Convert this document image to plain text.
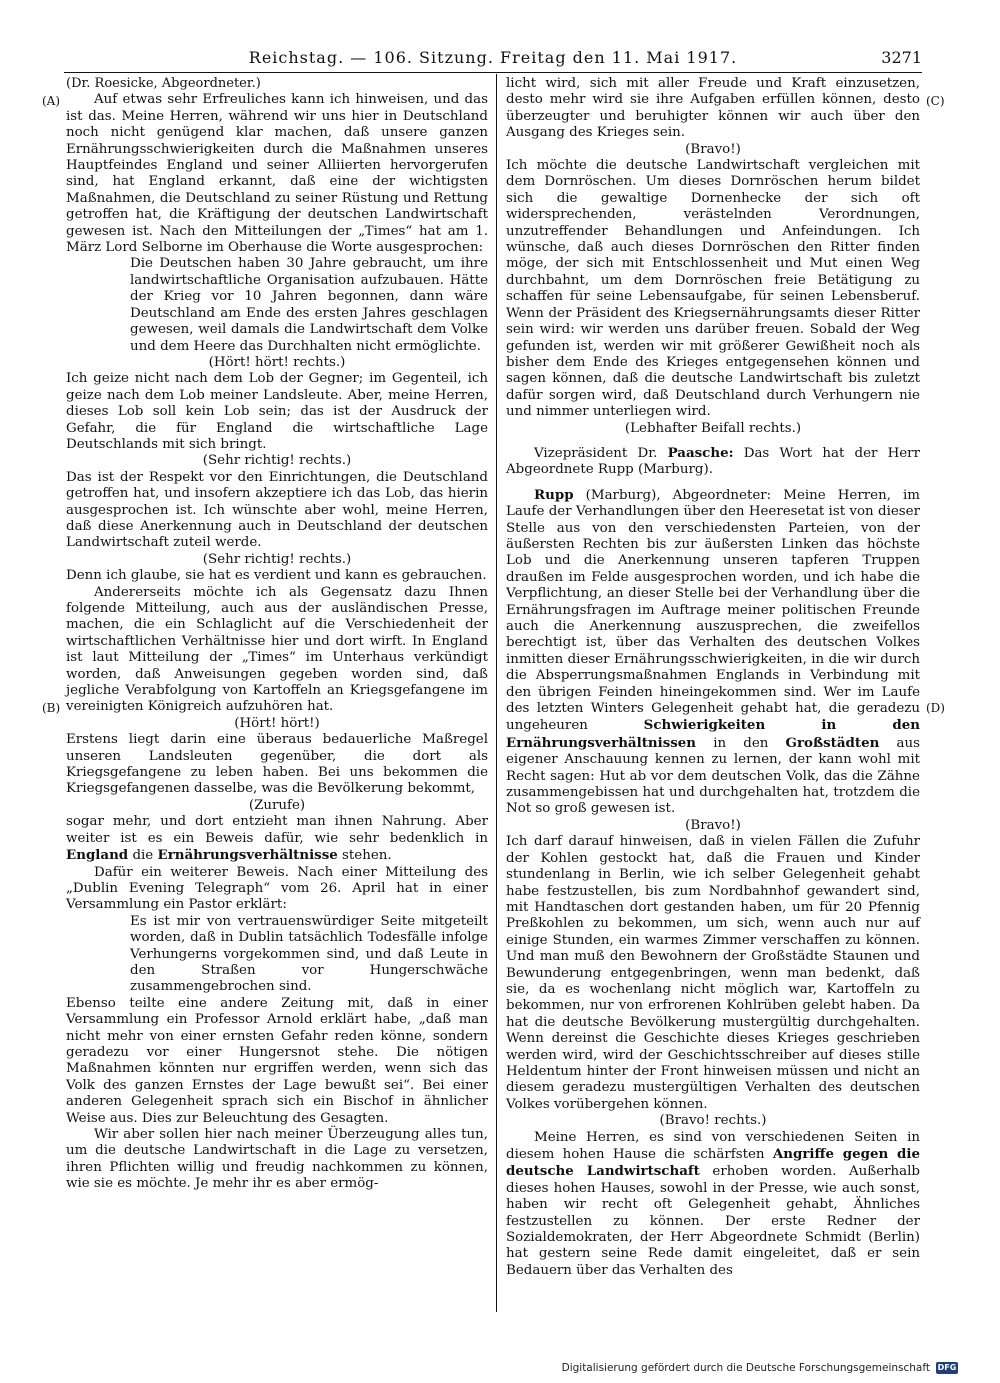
Reichstag. — 106. Sitzung. Freitag den 11. Mai 1917.	3271
(A)
(B)
(C)
(D)

(Dr. Roesicke, Abgeordneter.)

Auf etwas sehr Erfreuliches kann ich hinweisen, und das ist das. Meine Herren, während wir uns hier in Deutschland noch nicht genügend klar machen, daß unsere ganzen Ernährungsschwierigkeiten durch die Maßnahmen unseres Hauptfeindes England und seiner Alliierten hervorgerufen sind, hat England erkannt, daß eine der wichtigsten Maßnahmen, die Deutschland zu seiner Rüstung und Rettung getroffen hat, die Kräftigung der deutschen Landwirtschaft gewesen ist. Nach den Mitteilungen der „Times“ hat am 1. März Lord Selborne im Oberhause die Worte ausgesprochen:

Die Deutschen haben 30 Jahre gebraucht, um ihre landwirtschaftliche Organisation aufzubauen. Hätte der Krieg vor 10 Jahren begonnen, dann wäre Deutschland am Ende des ersten Jahres geschlagen gewesen, weil damals die Landwirtschaft dem Volke und dem Heere das Durchhalten nicht ermöglichte.

(Hört! hört! rechts.)

Ich geize nicht nach dem Lob der Gegner; im Gegenteil, ich geize nach dem Lob meiner Landsleute. Aber, meine Herren, dieses Lob soll kein Lob sein; das ist der Ausdruck der Gefahr, die für England die wirtschaftliche Lage Deutschlands mit sich bringt.

(Sehr richtig! rechts.)

Das ist der Respekt vor den Einrichtungen, die Deutschland getroffen hat, und insofern akzeptiere ich das Lob, das hierin ausgesprochen ist. Ich wünschte aber wohl, meine Herren, daß diese Anerkennung auch in Deutschland der deutschen Landwirtschaft zuteil werde.

(Sehr richtig! rechts.)

Denn ich glaube, sie hat es verdient und kann es gebrauchen.

Andererseits möchte ich als Gegensatz dazu Ihnen folgende Mitteilung, auch aus der ausländischen Presse, machen, die ein Schlaglicht auf die Verschiedenheit der wirtschaftlichen Verhältnisse hier und dort wirft. In England ist laut Mitteilung der „Times“ im Unterhaus verkündigt worden, daß Anweisungen gegeben worden sind, daß jegliche Verabfolgung von Kartoffeln an Kriegsgefangene im vereinigten Königreich aufzuhören hat.

(Hört! hört!)

Erstens liegt darin eine überaus bedauerliche Maßregel unseren Landsleuten gegenüber, die dort als Kriegsgefangene zu leben haben. Bei uns bekommen die Kriegsgefangenen dasselbe, was die Bevölkerung bekommt,

(Zurufe)

sogar mehr, und dort entzieht man ihnen Nahrung. Aber weiter ist es ein Beweis dafür, wie sehr bedenklich in England die Ernährungsverhältnisse stehen.

Dafür ein weiterer Beweis. Nach einer Mitteilung des „Dublin Evening Telegraph“ vom 26. April hat in einer Versammlung ein Pastor erklärt:

Es ist mir von vertrauenswürdiger Seite mitgeteilt worden, daß in Dublin tatsächlich Todesfälle infolge Verhungerns vorgekommen sind, und daß Leute in den Straßen vor Hungerschwäche zusammengebrochen sind.

Ebenso teilte eine andere Zeitung mit, daß in einer Versammlung ein Professor Arnold erklärt habe, „daß man nicht mehr von einer ernsten Gefahr reden könne, sondern geradezu vor einer Hungersnot stehe. Die nötigen Maßnahmen könnten nur ergriffen werden, wenn sich das Volk des ganzen Ernstes der Lage bewußt sei“. Bei einer anderen Gelegenheit sprach sich ein Bischof in ähnlicher Weise aus. Dies zur Beleuchtung des Gesagten.

Wir aber sollen hier nach meiner Überzeugung alles tun, um die deutsche Landwirtschaft in die Lage zu versetzen, ihren Pflichten willig und freudig nachkommen zu können, wie sie es möchte. Je mehr ihr es aber ermög-

licht wird, sich mit aller Freude und Kraft einzusetzen, desto mehr wird sie ihre Aufgaben erfüllen können, desto überzeugter und beruhigter können wir auch über den Ausgang des Krieges sein.

(Bravo!)

Ich möchte die deutsche Landwirtschaft vergleichen mit dem Dornröschen. Um dieses Dornröschen herum bildet sich die gewaltige Dornenhecke der sich oft widersprechenden, verästelnden Verordnungen, unzutreffender Behandlungen und Anfeindungen. Ich wünsche, daß auch dieses Dornröschen den Ritter finden möge, der sich mit Entschlossenheit und Mut einen Weg durchbahnt, um dem Dornröschen freie Betätigung zu schaffen für seine Lebensaufgabe, für seinen Lebensberuf. Wenn der Präsident des Kriegsernährungsamts dieser Ritter sein wird: wir werden uns darüber freuen. Sobald der Weg gefunden ist, werden wir mit größerer Gewißheit noch als bisher dem Ende des Krieges entgegensehen können und sagen können, daß die deutsche Landwirtschaft bis zuletzt dafür sorgen wird, daß Deutschland durch Verhungern nie und nimmer unterliegen wird.

(Lebhafter Beifall rechts.)

Vizepräsident Dr. Paasche: Das Wort hat der Herr Abgeordnete Rupp (Marburg).

Rupp (Marburg), Abgeordneter: Meine Herren, im Laufe der Verhandlungen über den Heeresetat ist von dieser Stelle aus von den verschiedensten Parteien, von der äußersten Rechten bis zur äußersten Linken das höchste Lob und die Anerkennung unseren tapferen Truppen draußen im Felde ausgesprochen worden, und ich habe die Verpflichtung, an dieser Stelle bei der Verhandlung über die Ernährungsfragen im Auftrage meiner politischen Freunde auch die Anerkennung auszusprechen, die zweifellos berechtigt ist, über das Verhalten des deutschen Volkes inmitten dieser Ernährungsschwierigkeiten, in die wir durch die Absperrungsmaßnahmen Englands in Verbindung mit den übrigen Feinden hineingekommen sind. Wer im Laufe des letzten Winters Gelegenheit gehabt hat, die geradezu ungeheuren	Schwierigkeiten in den Ernährungsverhältnissen in den Großstädten aus eigener Anschauung kennen zu lernen, der kann wohl mit Recht sagen: Hut ab vor dem deutschen Volk, das die Zähne zusammengebissen hat und durchgehalten hat, trotzdem die Not so groß gewesen ist.

(Bravo!)

Ich darf darauf hinweisen, daß in vielen Fällen die Zufuhr der Kohlen gestockt hat, daß die Frauen und Kinder stundenlang in Berlin, wie ich selber Gelegenheit gehabt habe festzustellen, bis zum Nordbahnhof gewandert sind, mit Handtaschen dort gestanden haben, um für 20 Pfennig Preßkohlen zu bekommen, um sich, wenn auch nur auf einige Stunden, ein warmes Zimmer verschaffen zu können. Und man muß den Bewohnern der Großstädte Staunen und Bewunderung entgegenbringen, wenn man bedenkt, daß sie, da es wochenlang nicht möglich war, Kartoffeln zu bekommen, nur von erfrorenen Kohlrüben gelebt haben. Da hat die deutsche Bevölkerung mustergültig durchgehalten. Wenn dereinst die Geschichte dieses Krieges geschrieben werden wird, wird der Geschichtsschreiber auf dieses stille Heldentum hinter der Front hinweisen müssen und nicht an diesem geradezu mustergültigen Verhalten des deutschen Volkes vorübergehen können.

(Bravo! rechts.)

Meine Herren, es sind von verschiedenen Seiten in diesem hohen Hause die schärfsten Angriffe gegen die deutsche Landwirtschaft erhoben worden. Außerhalb dieses hohen Hauses, sowohl in der Presse, wie auch sonst, haben wir recht oft Gelegenheit gehabt, Ähnliches festzustellen zu können. Der erste Redner der Sozialdemokraten, der Herr Abgeordnete Schmidt (Berlin) hat gestern seine Rede damit eingeleitet, daß er sein Bedauern über das Verhalten des

Digitalisierung gefördert durch die Deutsche Forschungsgemeinschaft DFG
